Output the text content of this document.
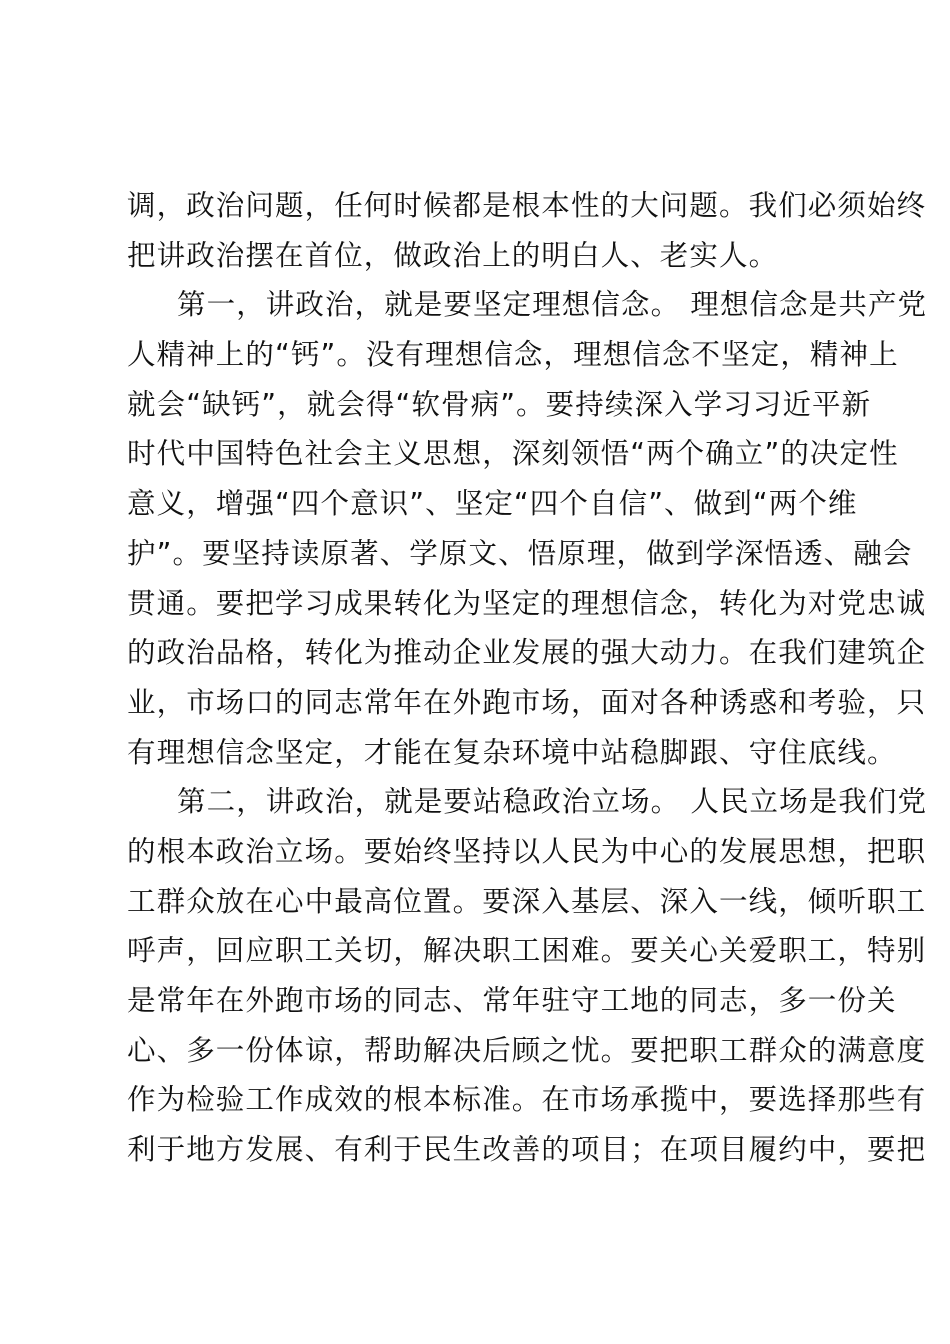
调，政治问题，任何时候都是根本性的大问题。我们必须始终
把讲政治摆在首位，做政治上的明白人、老实人。
第一，讲政治，就是要坚定理想信念。 理想信念是共产党
人精神上的“钙”。没有理想信念，理想信念不坚定，精神上
就会“缺钙”，就会得“软骨病”。要持续深入学习习近平新
时代中国特色社会主义思想，深刻领悟“两个确立”的决定性
意义，增强“四个意识”、坚定“四个自信”、做到“两个维
护”。要坚持读原著、学原文、悟原理，做到学深悟透、融会
贯通。要把学习成果转化为坚定的理想信念，转化为对党忠诚
的政治品格，转化为推动企业发展的强大动力。在我们建筑企
业，市场口的同志常年在外跑市场，面对各种诱惑和考验，只
有理想信念坚定，才能在复杂环境中站稳脚跟、守住底线。
第二，讲政治，就是要站稳政治立场。 人民立场是我们党
的根本政治立场。要始终坚持以人民为中心的发展思想，把职
工群众放在心中最高位置。要深入基层、深入一线，倾听职工
呼声，回应职工关切，解决职工困难。要关心关爱职工，特别
是常年在外跑市场的同志、常年驻守工地的同志，多一份关
心、多一份体谅，帮助解决后顾之忧。要把职工群众的满意度
作为检验工作成效的根本标准。在市场承揽中，要选择那些有
利于地方发展、有利于民生改善的项目；在项目履约中，要把
